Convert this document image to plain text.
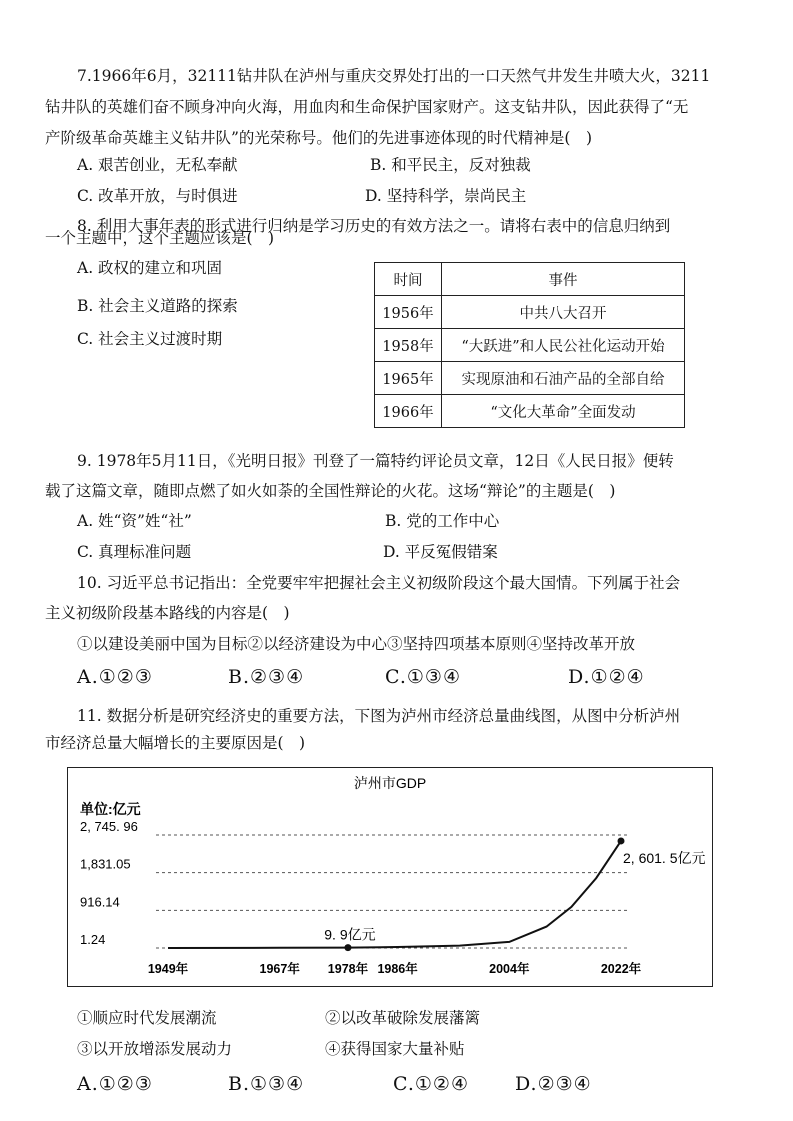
7.1966年6月，32111钻井队在泸州与重庆交界处打出的一口天然气井发生井喷大火，3211
钻井队的英雄们奋不顾身冲向火海，用血肉和生命保护国家财产。这支钻井队，因此获得了“无
产阶级革命英雄主义钻井队”的光荣称号。他们的先进事迹体现的时代精神是(　)
A. 艰苦创业，无私奉献	B. 和平民主，反对独裁
C. 改革开放，与时俱进	D. 坚持科学，崇尚民主
8. 利用大事年表的形式进行归纳是学习历史的有效方法之一。请将右表中的信息归纳到
一个主题中，这个主题应该是(　)
A. 政权的建立和巩固
B. 社会主义道路的探索
C. 社会主义过渡时期
时间	事件
1956年	中共八大召开
1958年	“大跃进”和人民公社化运动开始
1965年	实现原油和石油产品的全部自给
1966年	“文化大革命”全面发动
9. 1978年5月11日，《光明日报》刊登了一篇特约评论员文章，12日《人民日报》便转
载了这篇文章，随即点燃了如火如荼的全国性辩论的火花。这场“辩论”的主题是(　)
A. 姓“资”姓“社”	B. 党的工作中心
C. 真理标准问题	D. 平反冤假错案
10. 习近平总书记指出：全党要牢牢把握社会主义初级阶段这个最大国情。下列属于社会
主义初级阶段基本路线的内容是(　)
①以建设美丽中国为目标②以经济建设为中心③坚持四项基本原则④坚持改革开放
A.①②③	B.②③④	C.①③④	D.①②④
11. 数据分析是研究经济史的重要方法，下图为泸州市经济总量曲线图，从图中分析泸州
市经济总量大幅增长的主要原因是(　)
泸州市GDP
单位:亿元
2, 745. 96
1,831.05
916.14
1.24
1949年	1967年 1978年 1986年	2004年	2022年
9. 9亿元
2, 601. 5亿元
①顺应时代发展潮流	②以改革破除发展藩篱
③以开放增添发展动力	④获得国家大量补贴
A.①②③	B.①③④	C.①②④ D.②③④
